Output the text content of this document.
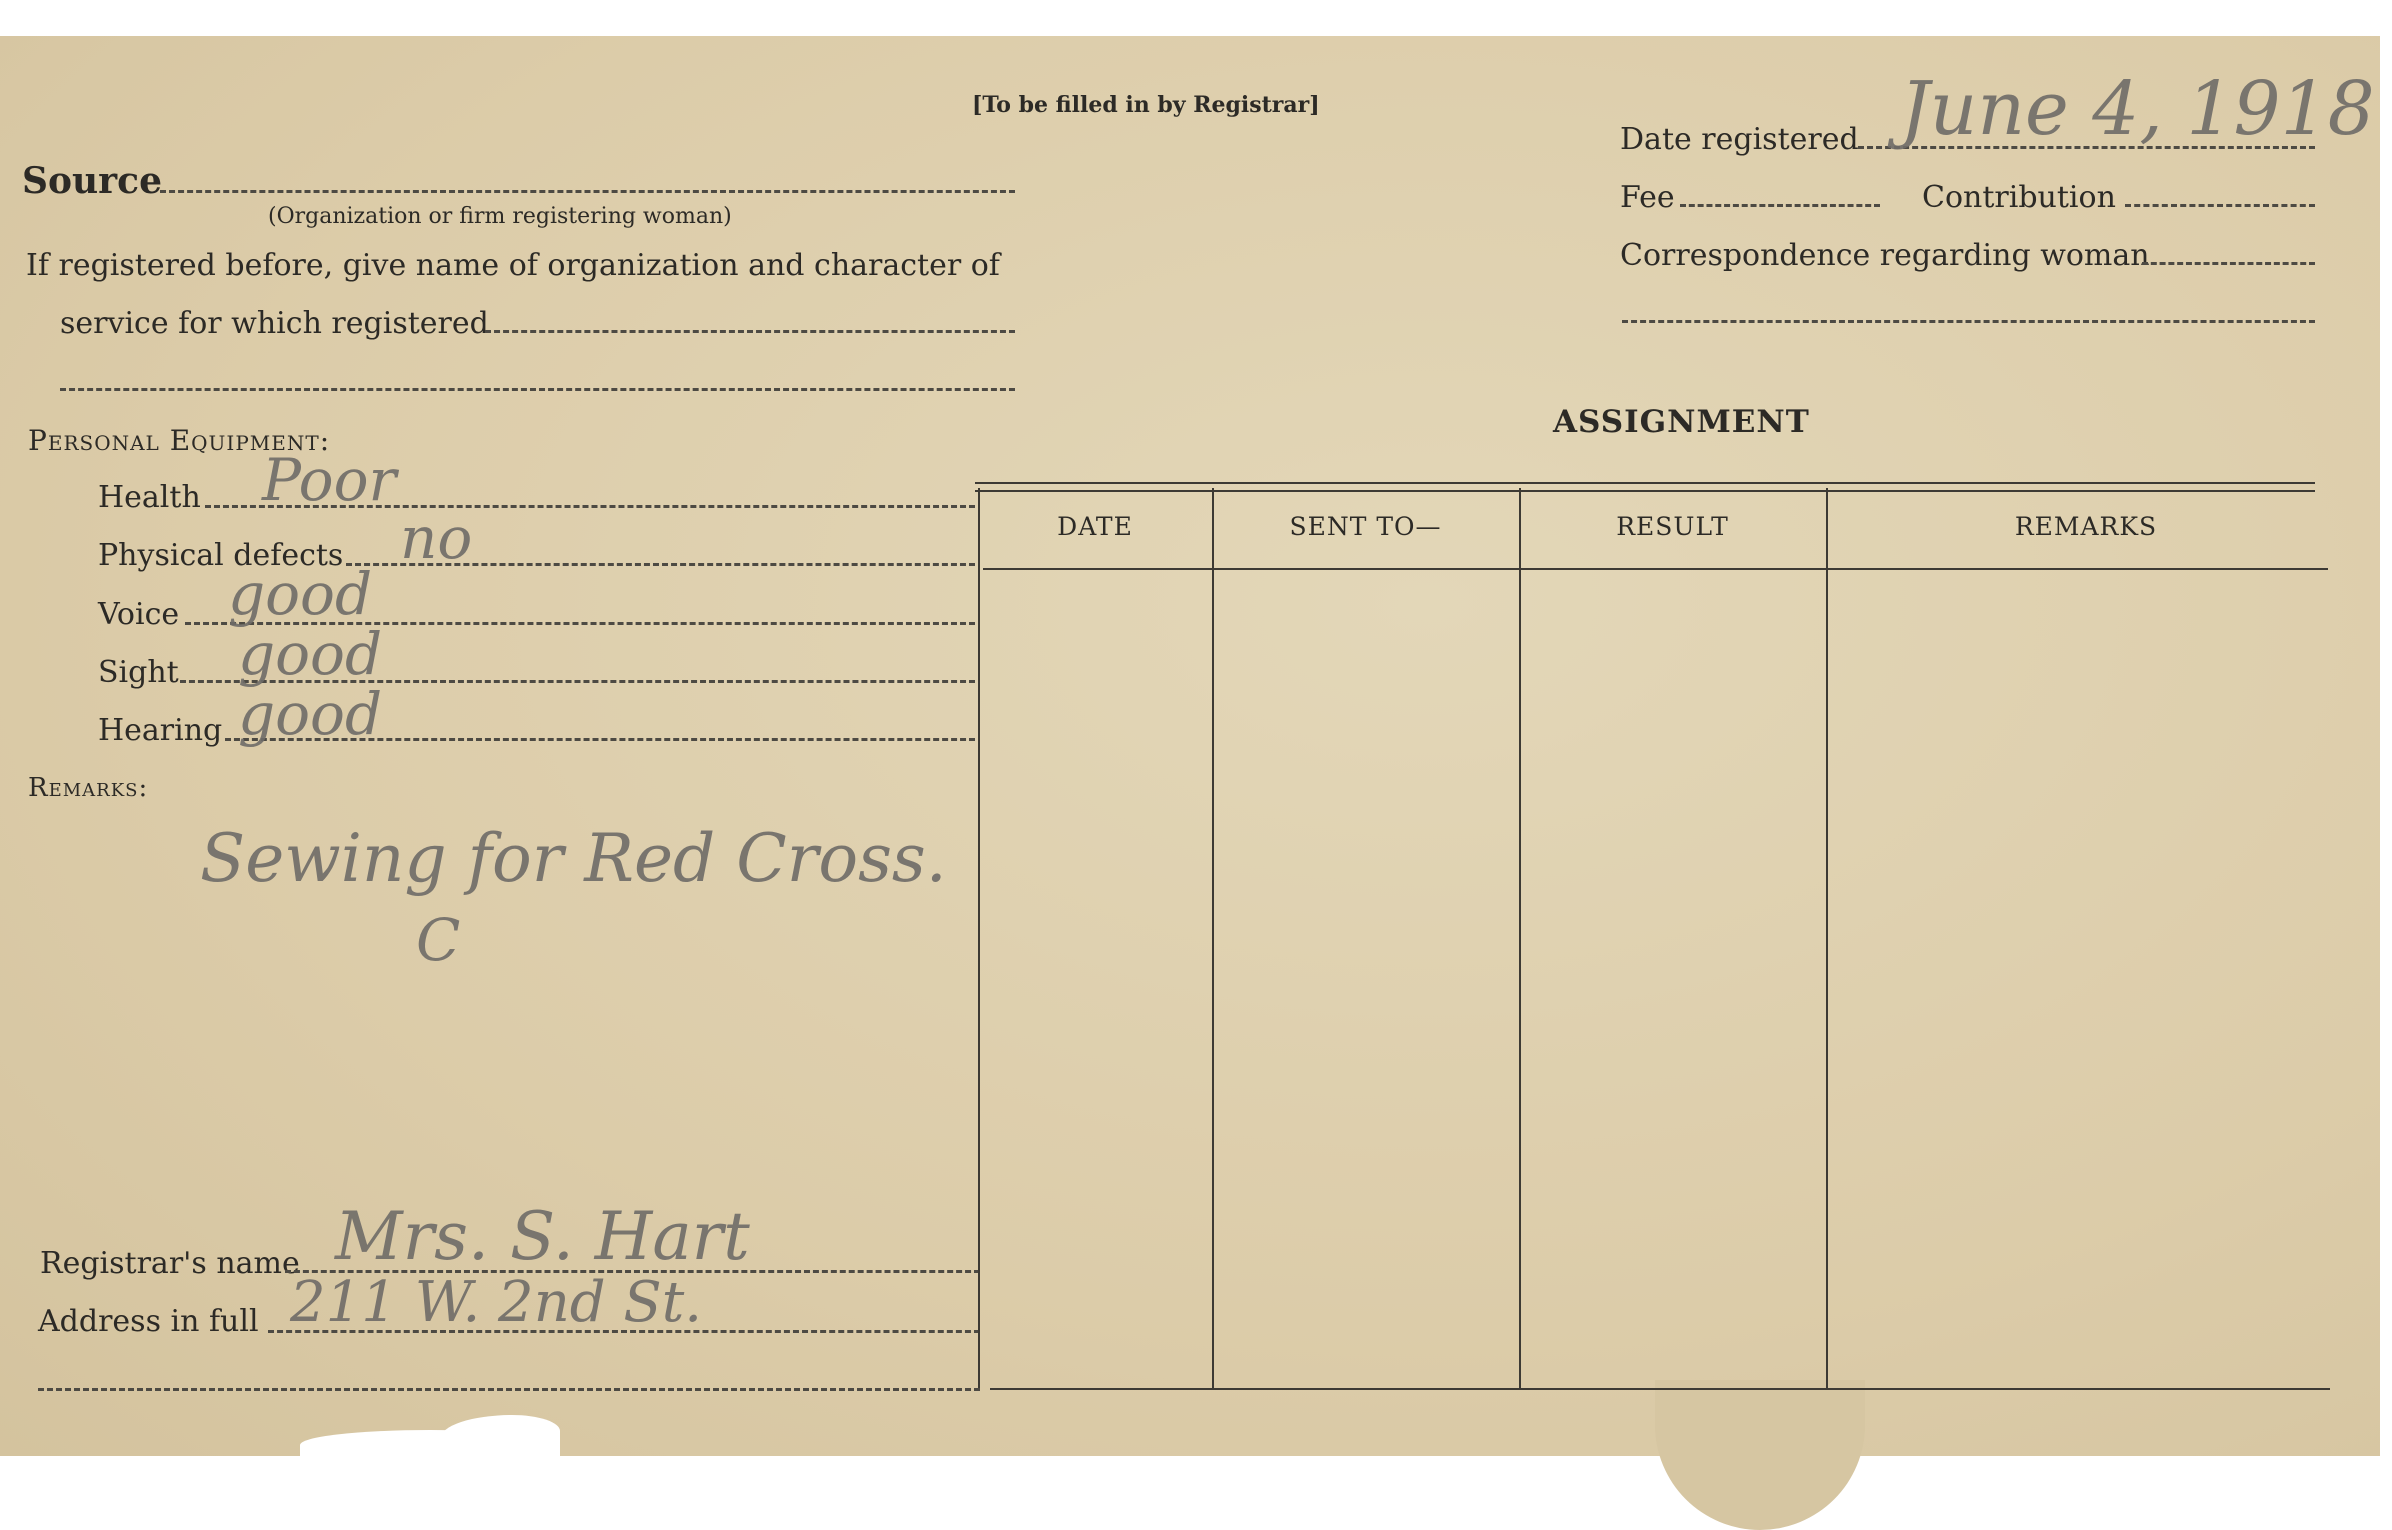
[To be filled in by Registrar]
Source
(Organization or firm registering woman)
If registered before, give name of organization and character of
service for which registered
Personal Equipment:
Health Poor
Physical defects no
Voice good
Sight good
Hearing good
Remarks:
Sewing for Red Cross.
C
Registrar's name Mrs. S. Hart
Address in full 211 W. 2nd St.
Date registered June 4, 1918
Fee	Contribution
Correspondence regarding woman
ASSIGNMENT
DATE	SENT TO—	RESULT	REMARKS
